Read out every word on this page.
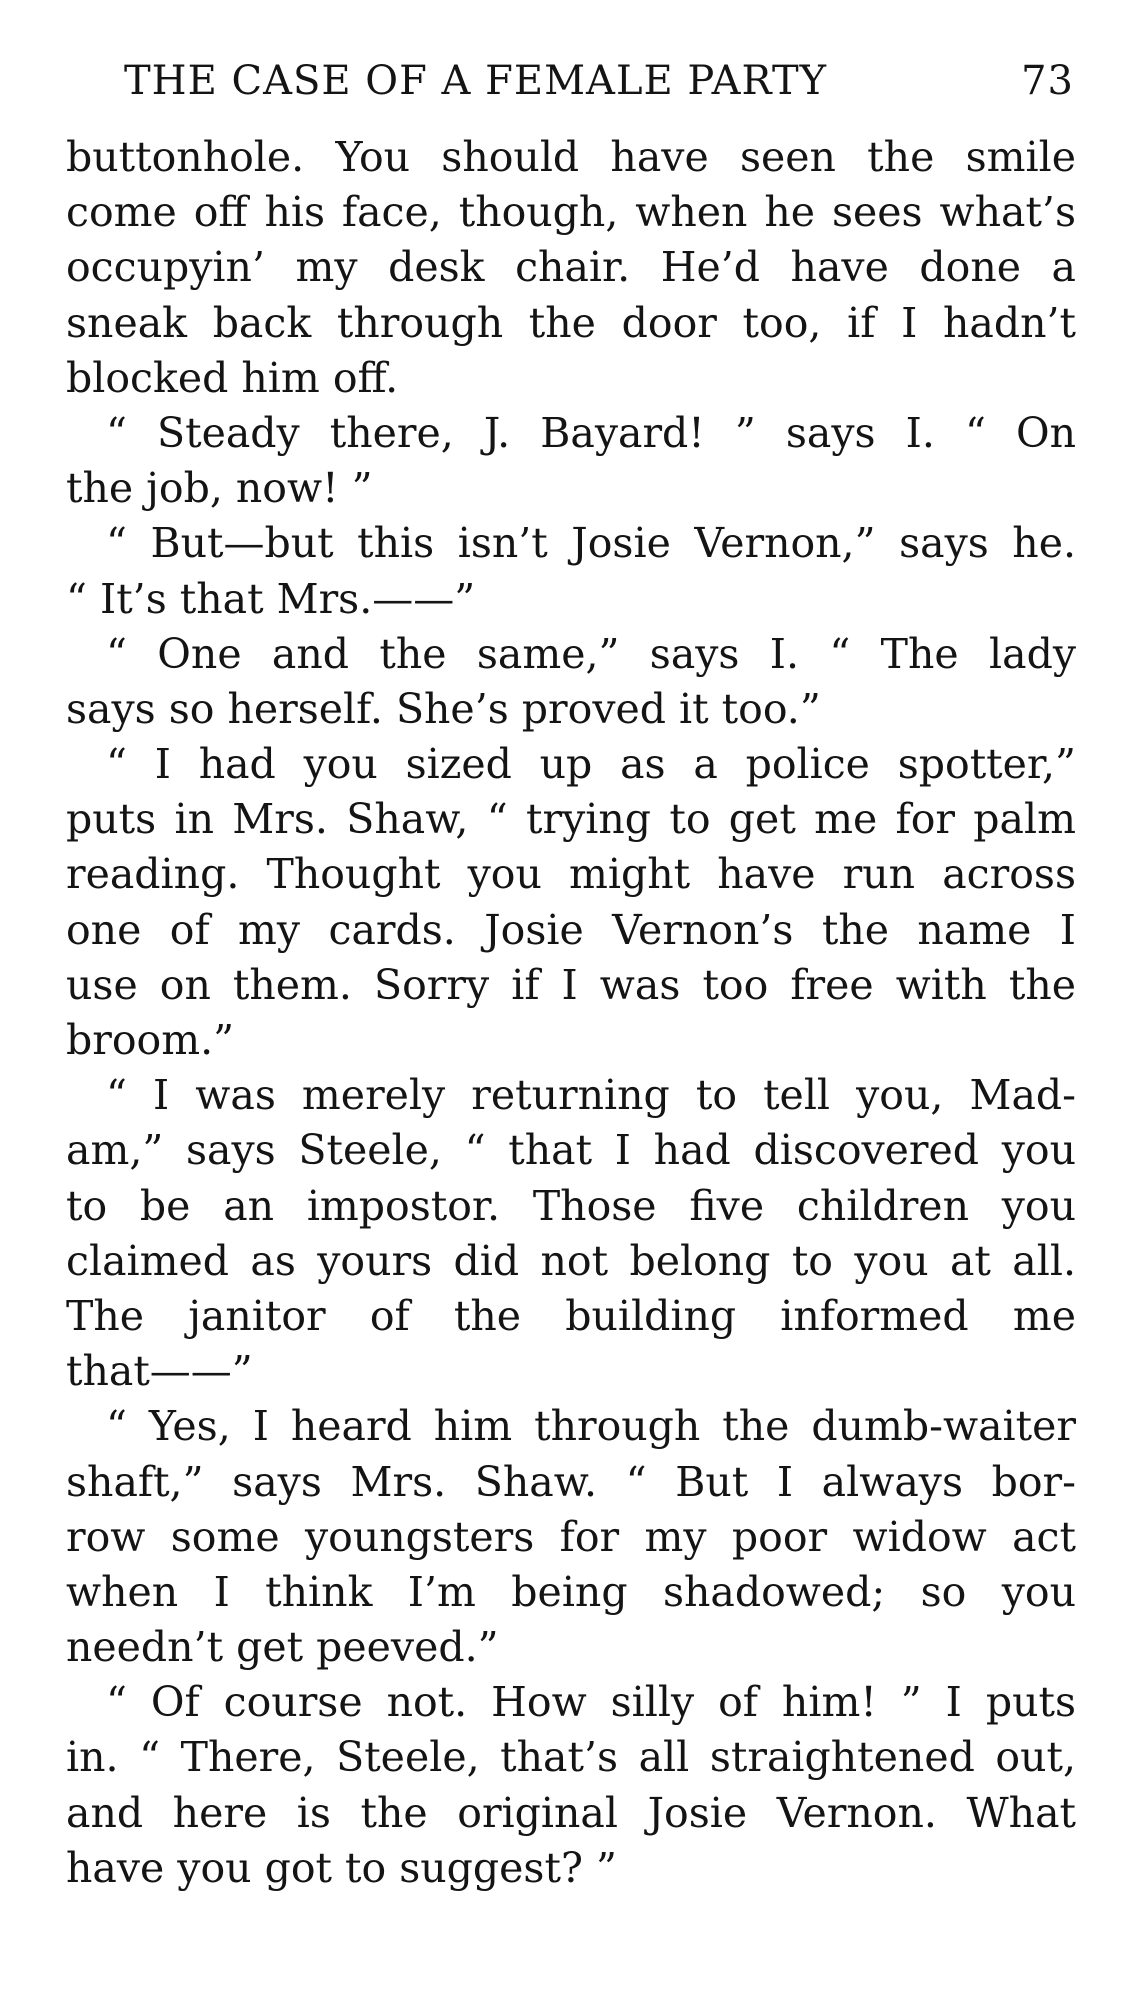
THE CASE OF A FEMALE PARTY	73
buttonhole. You should have seen the smile
come off his face, though, when he sees what’s
occupyin’ my desk chair. He’d have done a
sneak back through the door too, if I hadn’t
blocked him off.
“ Steady there, J. Bayard! ” says I. “ On
the job, now! ”
“ But—but this isn’t Josie Vernon,” says he.
“ It’s that Mrs.——”
“ One and the same,” says I. “ The lady
says so herself. She’s proved it too.”
“ I had you sized up as a police spotter,”
puts in Mrs. Shaw, “ trying to get me for palm
reading. Thought you might have run across
one of my cards. Josie Vernon’s the name I
use on them. Sorry if I was too free with the
broom.”
“ I was merely returning to tell you, Mad-
am,” says Steele, “ that I had discovered you
to be an impostor. Those five children you
claimed as yours did not belong to you at all.
The janitor of the building informed me
that——”
“ Yes, I heard him through the dumb-waiter
shaft,” says Mrs. Shaw. “ But I always bor-
row some youngsters for my poor widow act
when I think I’m being shadowed; so you
needn’t get peeved.”
“ Of course not. How silly of him! ” I puts
in. “ There, Steele, that’s all straightened out,
and here is the original Josie Vernon. What
have you got to suggest? ”
